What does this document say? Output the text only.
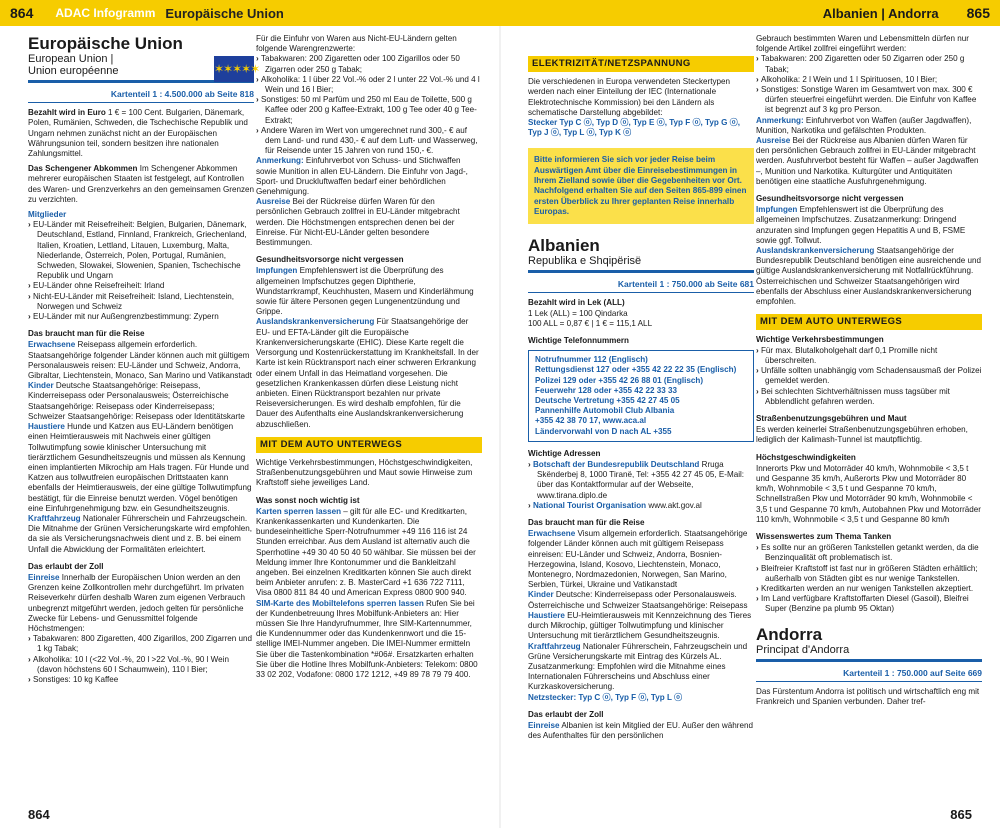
864	ADAC Infogramm Europäische Union
Europäische Union
European Union |
Union européenne	✶✶✶✶✶
Kartenteil 1 : 4.500.000 ab Seite 818

Bezahlt wird in Euro 1 € = 100 Cent. Bulgarien, Dänemark, Polen, Rumänien, Schweden, die Tschechische Republik und Ungarn nehmen zunächst nicht an der Europäischen Währungsunion teil, sondern besitzen ihre nationalen Zahlungsmittel.

Das Schengener Abkommen Im Schengener Abkommen mehrerer europäischen Staaten ist festgelegt, auf Kontrollen des Waren- und Grenzverkehrs an den gemeinsamen Grenzen zu verzichten.

Mitglieder
› EU-Länder mit Reisefreiheit: Belgien, Bulgarien, Dänemark, Deutschland, Estland, Finnland, Frankreich, Griechenland, Italien, Kroatien, Lettland, Litauen, Luxemburg, Malta, Niederlande, Österreich, Polen, Portugal, Rumänien, Schweden, Slowakei, Slowenien, Spanien, Tschechische Republik und Ungarn
› EU-Länder ohne Reisefreiheit: Irland
› Nicht-EU-Länder mit Reisefreiheit: Island, Liechtenstein, Norwegen und Schweiz
› EU-Länder mit nur Außengrenzbestimmung: Zypern
Das braucht man für die Reise
Erwachsene Reisepass allgemein erforderlich. Staatsangehörige folgender Länder können auch mit gültigem Personalausweis reisen: EU-Länder und Schweiz, Andorra, Gibraltar, Liechtenstein, Monaco, San Marino und Vatikanstadt
Kinder Deutsche Staatsangehörige: Reisepass, Kinderreisepass oder Personalausweis; Österreichische Staatsangehörige: Reisepass oder Kinderreisepass; Schweizer Staatsangehörige: Reisepass oder Identitätskarte
Haustiere Hunde und Katzen aus EU-Ländern benötigen einen Heimtierausweis mit Nachweis einer gültigen Tollwutimpfung sowie klinischer Untersuchung mit tierärztlichem Gesundheitszeugnis und müssen als Kennung einen implantierten Mikrochip am Hals tragen. Für Hunde und Katzen aus tollwutfreien europäischen Drittstaaten kann ebenfalls der Heimtierausweis, der eine gültige Tollwutimpfung bestätigt, für die Einreise benutzt werden. Vögel benötigen eine Einfuhrgenehmigung bzw. ein Gesundheitszeugnis.
Kraftfahrzeug Nationaler Führerschein und Fahrzeugschein. Die Mitnahme der Grünen Versicherungskarte wird empfohlen, da sie als Versicherungsnachweis dient und z. B. bei einem Unfall die Abwicklung der Formalitäten erleichtert.
Das erlaubt der Zoll
Einreise Innerhalb der Europäischen Union werden an den Grenzen keine Zollkontrollen mehr durchgeführt. Im privaten Reiseverkehr dürfen deshalb Waren zum eigenen Verbrauch unbegrenzt mitgeführt werden, jedoch gelten für persönliche Zwecke für Lebens- und Genussmittel folgende Höchstmengen:
› Tabakwaren: 800 Zigaretten, 400 Zigarillos, 200 Zigarren und 1 kg Tabak;
› Alkoholika: 10 l (<22 Vol.-%, 20 l >22 Vol.-%, 90 l Wein (davon höchstens 60 l Schaumwein), 110 l Bier;
› Sonstiges: 10 kg Kaffee
Für die Einfuhr von Waren aus Nicht-EU-Ländern gelten folgende Warengrenzwerte:
› Tabakwaren: 200 Zigaretten oder 100 Zigarillos oder 50 Zigarren oder 250 g Tabak;
› Alkoholika: 1 l über 22 Vol.-% oder 2 l unter 22 Vol.-% und 4 l Wein und 16 l Bier;
› Sonstiges: 50 ml Parfüm und 250 ml Eau de Toilette, 500 g Kaffee oder 200 g Kaffee-Extrakt, 100 g Tee oder 40 g Tee-Extrakt;
› Andere Waren im Wert von umgerechnet rund 300,- € auf dem Land- und rund 430,- € auf dem Luft- und Wasserweg, für Reisende unter 15 Jahren von rund 150,- €.
Anmerkung: Einfuhrverbot von Schuss- und Stichwaffen sowie Munition in allen EU-Ländern. Die Einfuhr von Jagd-, Sport- und Druckluftwaffen bedarf einer behördlichen Genehmigung.
Ausreise Bei der Rückreise dürfen Waren für den persönlichen Gebrauch zollfrei in EU-Länder mitgebracht werden. Die Höchstmengen entsprechen denen bei der Einreise. Für Nicht-EU-Länder gelten besondere Bestimmungen.
Gesundheitsvorsorge nicht vergessen
Impfungen Empfehlenswert ist die Überprüfung des allgemeinen Impfschutzes gegen Diphtherie, Wundstarrkrampf, Keuchhusten, Masern und Kinderlähmung sowie für ältere Personen gegen Lungenentzündung und Grippe.
Auslandskrankenversicherung Für Staatsangehörige der EU- und EFTA-Länder gilt die Europäische Krankenversicherungskarte (EHIC). Diese Karte regelt die Versorgung und Kostenrückerstattung im Krankheitsfall. In der Karte ist kein Rücktransport nach einer schweren Erkrankung oder einem Unfall in das Heimatland vorgesehen. Die gesetzlichen Krankenkassen dürfen diese Leistung nicht anbieten. Einen Rücktransport bezahlen nur private Reiseversicherungen. Es wird deshalb empfohlen, für die Dauer des Aufenthalts eine Auslandskrankenversicherung abzuschließen.
MIT DEM AUTO UNTERWEGS
Wichtige Verkehrsbestimmungen, Höchstgeschwindigkeiten, Straßenbenutzungsgebühren und Maut sowie Hinweise zum Kraftstoff siehe jeweiliges Land.
Was sonst noch wichtig ist
Karten sperren lassen – gilt für alle EC- und Kreditkarten, Krankenkassenkarten und Kundenkarten. Die bundeseinheitliche Sperr-Notrufnummer +49 116 116 ist 24 Stunden erreichbar. Aus dem Ausland ist alternativ auch die Sperrhotline +49 30 40 50 40 50 wählbar. Sie müssen bei der Meldung immer Ihre Kontonummer und die Bankleitzahl angeben. Bei einzelnen Kreditkarten können Sie auch direkt beim Anbieter anrufen: z. B. MasterCard +1 636 722 7111, Visa 0800 811 84 40 und American Express 0800 900 940.
SIM-Karte des Mobiltelefons sperren lassen Rufen Sie bei der Kundenbetreuung Ihres Mobilfunk-Anbieters an: Hier müssen Sie Ihre Handyrufnummer, Ihre SIM-Kartennummer, die Kundennummer oder das Kundenkennwort und die 15-stellige IMEI-Nummer angeben. Die IMEI-Nummer ermitteln Sie über die Tastenkombination *#06#. Ersatzkarten erhalten Sie über die Hotline Ihres Mobilfunk-Anbieters: Telekom: 0800 33 02 202, Vodafone: 0800 172 1212, +49 89 78 79 79 400.
864
Albanien | Andorra	865
ELEKTRIZITÄT/NETZSPANNUNG
Die verschiedenen in Europa verwendeten Steckertypen werden nach einer Einteilung der IEC (Internationale Elektrotechnische Kommission) bei den Ländern als schematische Darstellung abgebildet:
Stecker Typ C ⓞ, Typ D ⓞ, Typ E ⓞ, Typ F ⓞ, Typ G ⓞ, Typ J ⓞ, Typ L ⓞ, Typ K ⓞ
Bitte informieren Sie sich vor jeder Reise beim Auswärtigen Amt über die Einreisebestimmungen in Ihrem Zielland sowie über die Gegebenheiten vor Ort. Nachfolgend erhalten Sie auf den Seiten 865-899 einen ersten Überblick zu Ihrer geplanten Reise innerhalb Europas.
Albanien
Republika e Shqipërisë
Kartenteil 1 : 750.000 ab Seite 681
Bezahlt wird in Lek (ALL)
1 Lek (ALL) = 100 Qindarka
100 ALL = 0,87 € | 1 € = 115,1 ALL
Wichtige Telefonnummern
Notrufnummer 112 (Englisch)
Rettungsdienst 127 oder +355 42 22 22 35 (Englisch)
Polizei 129 oder +355 42 26 88 01 (Englisch)
Feuerwehr 128 oder +355 42 22 33 33
Deutsche Vertretung +355 42 27 45 05
Pannenhilfe Automobil Club Albania
+355 42 38 70 17, www.aca.al
Ländervorwahl von D nach AL +355
Wichtige Adressen
› Botschaft der Bundesrepublik Deutschland Rruga Skënderbej 8, 1000 Tiranë, Tel: +355 42 27 45 05, E-Mail: über das Kontaktformular auf der Webseite, www.tirana.diplo.de
› National Tourist Organisation www.akt.gov.al
Das braucht man für die Reise
Erwachsene Visum allgemein erforderlich. Staatsangehörige folgender Länder können auch mit gültigem Reisepass einreisen: EU-Länder und Schweiz, Andorra, Bosnien-Herzegowina, Island, Kosovo, Liechtenstein, Monaco, Montenegro, Nordmazedonien, Norwegen, San Marino, Serbien, Türkei, Ukraine und Vatikanstadt
Kinder Deutsche: Kinderreisepass oder Personalausweis. Österreichische und Schweizer Staatsangehörige: Reisepass
Haustiere EU-Heimtierausweis mit Kennzeichnung des Tieres durch Mikrochip, gültiger Tollwutimpfung und klinischer Untersuchung mit tierärztlichem Gesundheitszeugnis.
Kraftfahrzeug Nationaler Führerschein, Fahrzeugschein und Grüne Versicherungskarte mit Eintrag des Kürzels AL. Zusatzanmerkung: Empfohlen wird die Mitnahme eines Internationalen Führerscheins und Abschluss einer Kurzkaskoversicherung.
Netzstecker: Typ C ⓞ, Typ F ⓞ, Typ L ⓞ
Das erlaubt der Zoll
Einreise Albanien ist kein Mitglied der EU. Außer den während des Aufenthaltes für den persönlichen
Gebrauch bestimmten Waren und Lebensmitteln dürfen nur folgende Artikel zollfrei eingeführt werden:
› Tabakwaren: 200 Zigaretten oder 50 Zigarren oder 250 g Tabak;
› Alkoholika: 2 l Wein und 1 l Spirituosen, 10 l Bier;
› Sonstiges: Sonstige Waren im Gesamtwert von max. 300 € dürfen steuerfrei eingeführt werden. Die Einfuhr von Kaffee ist begrenzt auf 3 kg pro Person.
Anmerkung: Einfuhrverbot von Waffen (außer Jagdwaffen), Munition, Narkotika und gefälschten Produkten.
Ausreise Bei der Rückreise aus Albanien dürfen Waren für den persönlichen Gebrauch zollfrei in EU-Länder mitgebracht werden. Ausfuhrverbot besteht für Waffen – außer Jagdwaffen –, Munition und Narkotika. Kulturgüter und Antiquitäten benötigen eine staatliche Ausfuhrgenehmigung.
Gesundheitsvorsorge nicht vergessen
Impfungen Empfehlenswert ist die Überprüfung des allgemeinen Impfschutzes. Zusatzanmerkung: Dringend anzuraten sind Impfungen gegen Hepatitis A und B, FSME sowie ggf. Tollwut.
Auslandskrankenversicherung Staatsangehörige der Bundesrepublik Deutschland benötigen eine ausreichende und gültige Auslandskrankenversicherung mit Notfallrückführung. Österreichischen und Schweizer Staatsangehörigen wird ebenfalls der Abschluss einer Auslandskrankenversicherung empfohlen.
MIT DEM AUTO UNTERWEGS
Wichtige Verkehrsbestimmungen
› Für max. Blutalkoholgehalt darf 0,1 Promille nicht überschreiten.
› Unfälle sollten unabhängig vom Schadensausmaß der Polizei gemeldet werden.
› Bei schlechten Sichtverhältnissen muss tagsüber mit Abblendlicht gefahren werden.
Straßenbenutzungsgebühren und Maut
Es werden keinerlei Straßenbenutzungsgebühren erhoben, lediglich der Kalimash-Tunnel ist mautpflichtig.
Höchstgeschwindigkeiten
Innerorts Pkw und Motorräder 40 km/h, Wohnmobile < 3,5 t und Gespanne 35 km/h, Außerorts Pkw und Motorräder 80 km/h, Wohnmobile < 3,5 t und Gespanne 70 km/h, Schnellstraßen Pkw und Motorräder 90 km/h, Wohnmobile < 3,5 t und Gespanne 70 km/h, Autobahnen Pkw und Motorräder 110 km/h, Wohnmobile < 3,5 t und Gespanne 80 km/h
Wissenswertes zum Thema Tanken
› Es sollte nur an größeren Tankstellen getankt werden, da die Benzinqualität oft problematisch ist.
› Bleifreier Kraftstoff ist fast nur in größeren Städten erhältlich; außerhalb von Städten gibt es nur wenige Tankstellen.
› Kreditkarten werden an nur wenigen Tankstellen akzeptiert.
› Im Land verfügbare Kraftstoffarten Diesel (Gasoil), Bleifrei Super (Benzine pa plumb 95 Oktan)
Andorra
Principat d'Andorra
Kartenteil 1 : 750.000 auf Seite 669
Das Fürstentum Andorra ist politisch und wirtschaftlich eng mit Frankreich und Spanien verbunden. Daher tref-
865
